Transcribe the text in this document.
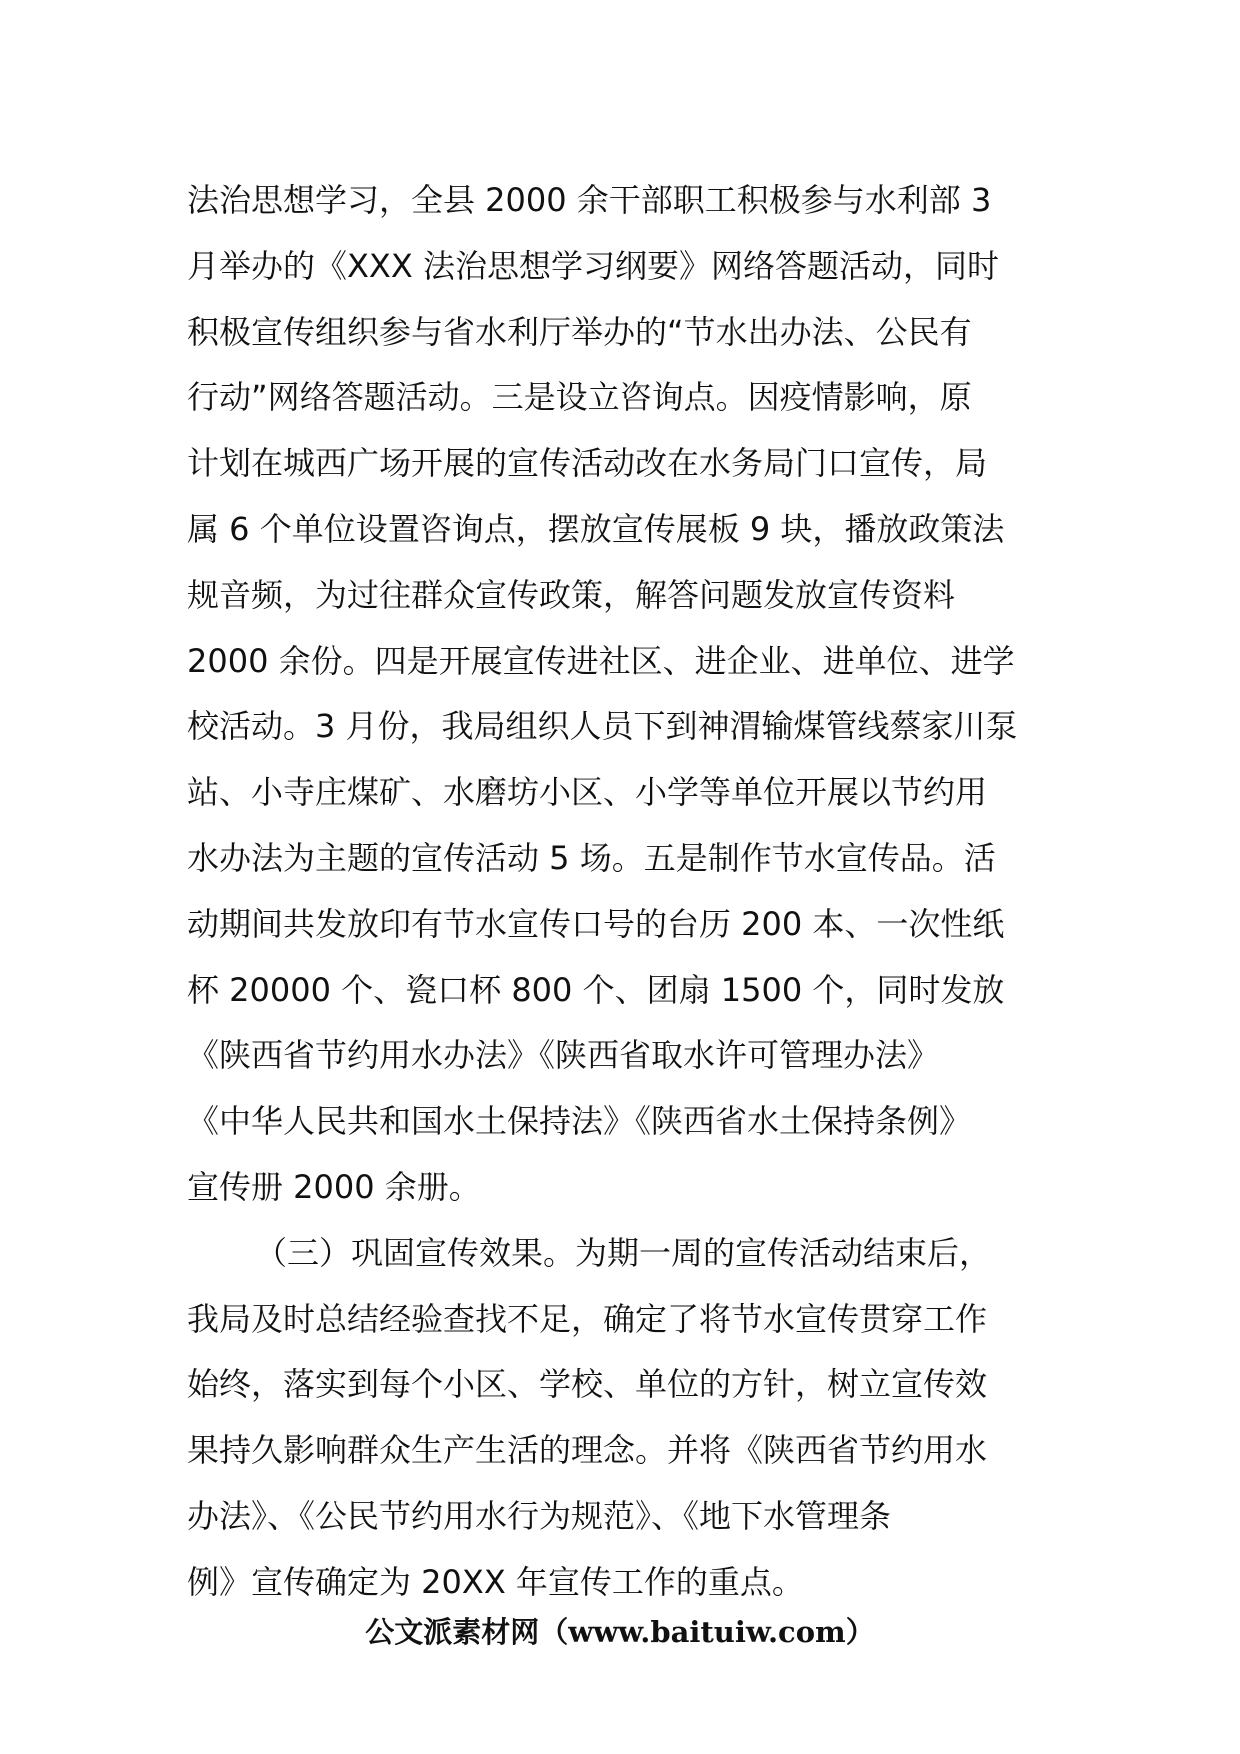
法治思想学习，全县 2000 余干部职工积极参与水利部 3
月举办的《XXX 法治思想学习纲要》网络答题活动，同时
积极宣传组织参与省水利厅举办的“节水出办法、公民有
行动”网络答题活动。三是设立咨询点。因疫情影响，原
计划在城西广场开展的宣传活动改在水务局门口宣传，局
属 6 个单位设置咨询点，摆放宣传展板 9 块，播放政策法
规音频，为过往群众宣传政策，解答问题发放宣传资料
2000 余份。四是开展宣传进社区、进企业、进单位、进学
校活动。3 月份，我局组织人员下到神渭输煤管线蔡家川泵
站、小寺庄煤矿、水磨坊小区、小学等单位开展以节约用
水办法为主题的宣传活动 5 场。五是制作节水宣传品。活
动期间共发放印有节水宣传口号的台历 200 本、一次性纸
杯 20000 个、瓷口杯 800 个、团扇 1500 个，同时发放
《陕西省节约用水办法》《陕西省取水许可管理办法》
《中华人民共和国水土保持法》《陕西省水土保持条例》
宣传册 2000 余册。

（三）巩固宣传效果。为期一周的宣传活动结束后，
我局及时总结经验查找不足，确定了将节水宣传贯穿工作
始终，落实到每个小区、学校、单位的方针，树立宣传效
果持久影响群众生产生活的理念。并将《陕西省节约用水
办法》、《公民节约用水行为规范》、《地下水管理条
例》宣传确定为 20XX 年宣传工作的重点。

公文派素材网（www.baituiw.com）
